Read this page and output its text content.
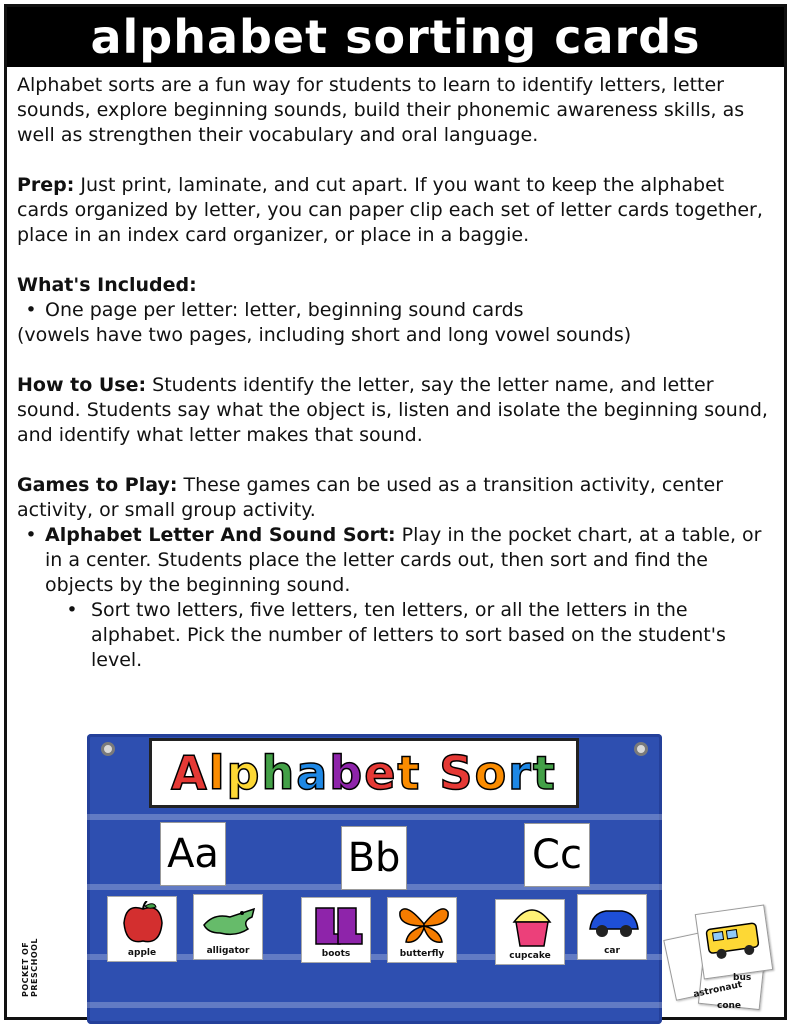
alphabet sorting cards

Alphabet sorts are a fun way for students to learn to identify letters, letter sounds, explore beginning sounds, build their phonemic awareness skills, as well as strengthen their vocabulary and oral language.

Prep: Just print, laminate, and cut apart. If you want to keep the alphabet cards organized by letter, you can paper clip each set of letter cards together, place in an index card organizer, or place in a baggie.

What's Included:
• One page per letter: letter, beginning sound cards
(vowels have two pages, including short and long vowel sounds)

How to Use: Students identify the letter, say the letter name, and letter sound. Students say what the object is, listen and isolate the beginning sound, and identify what letter makes that sound.

Games to Play: These games can be used as a transition activity, center activity, or small group activity.
• Alphabet Letter And Sound Sort: Play in the pocket chart, at a table, or in a center. Students place the letter cards out, then sort and find the objects by the beginning sound.
• Sort two letters, five letters, ten letters, or all the letters in the alphabet. Pick the number of letters to sort based on the student's level.
POCKET OF PRESCHOOL
A l p h a b e t
S o r t
Aa	Bb	Cc
apple	alligator	boots	butterfly	cupcake	car
bus
astronaut
cone
